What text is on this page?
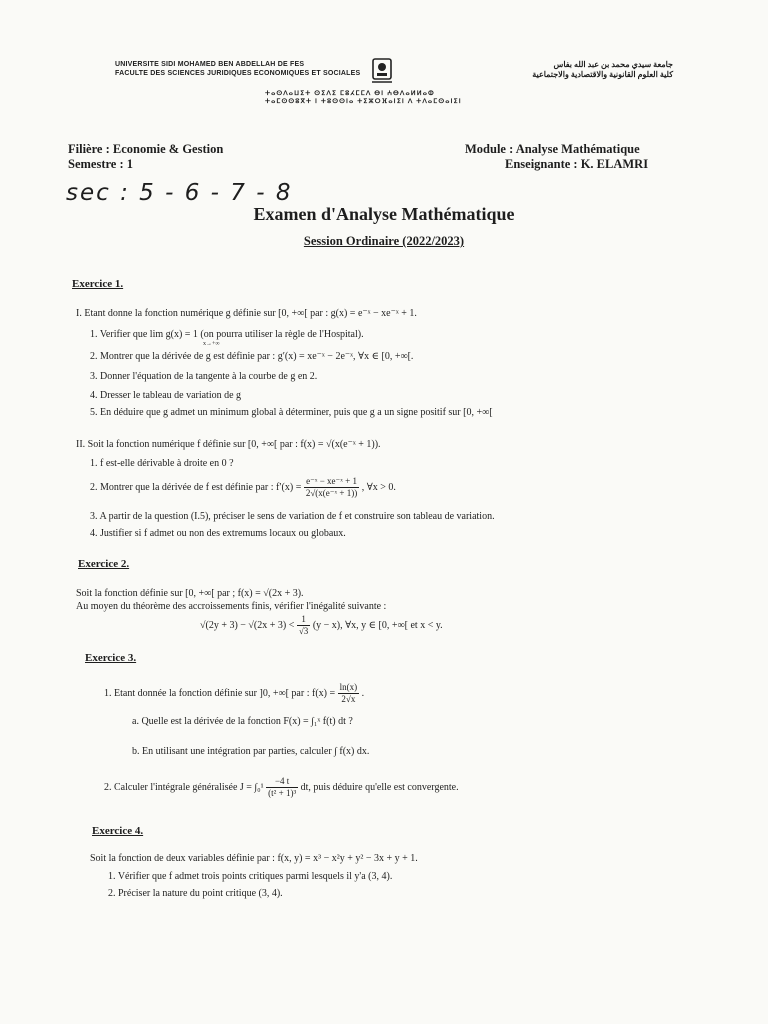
UNIVERSITE SIDI MOHAMED BEN ABDELLAH DE FES
FACULTE DES SCIENCES JURIDIQUES ECONOMIQUES ET SOCIALES
جامعة سيدي محمد بن عبد الله بفاس
كلية العلوم القانونية والاقتصادية والاجتماعية
ⵜⴰⵙⴷⴰⵡⵉⵜ ⵙⵉⴷⵉ ⵎⵓⵃⵎⵎⴷ ⴱⵏ ⵄⴱⴷⴰⵍⵍⴰⵀ
ⵜⴰⵎⵙⵙⵓⴳⵜ ⵏ ⵜⵓⵙⵙⵏⴰ ⵜⵉⵣⵔⴼⴰⵏⵉⵏ ⴷ ⵜⴷⴰⵎⵙⴰⵏⵉⵏ
Filière : Economie & Gestion
Semestre : 1
sec : 5 - 6 - 7 - 8
Module : Analyse Mathématique
Enseignante : K. ELAMRI
Examen d'Analyse Mathématique
Session Ordinaire (2022/2023)
Exercice 1.
I. Etant donne la fonction numérique g définie sur [0, +∞[ par : g(x) = e⁻ˣ − xe⁻ˣ + 1.
1. Verifier que lim g(x) = 1 (on pourra utiliser la règle de l'Hospital).
x→+∞
2. Montrer que la dérivée de g est définie par : g′(x) = xe⁻ˣ − 2e⁻ˣ, ∀x ∈ [0, +∞[.
3. Donner l'équation de la tangente à la courbe de g en 2.
4. Dresser le tableau de variation de g
5. En déduire que g admet un minimum global à déterminer, puis que g a un signe positif sur [0, +∞[
II. Soit la fonction numérique f définie sur [0, +∞[ par : f(x) = √(x(e⁻ˣ + 1)).
1. f est-elle dérivable à droite en 0 ?
2. Montrer que la dérivée de f est définie par : $f'(x) = \frac{\text{e⁻ˣ − xe⁻ˣ + 1}}{\text{2√(x(e⁻ˣ + 1))}}$ , ∀x > 0.
3. A partir de la question (I.5), préciser le sens de variation de f et construire son tableau de variation.
4. Justifier si f admet ou non des extremums locaux ou globaux.
Exercice 2.
Soit la fonction définie sur [0, +∞[ par ; f(x) = √(2x + 3).
Au moyen du théorème des accroissements finis, vérifier l'inégalité suivante :
$√(2y + 3) - √(2x + 3) < \frac{1}{√3} (y - x)$, ∀x, y ∈ [0, +∞[ et x < y.
Exercice 3.
1. Etant donnée la fonction définie sur ]0, +∞[ par : $f(x) = \frac{\ln(x)}{2√x}$ .
a. Quelle est la dérivée de la fonction F(x) = ∫₁ˣ f(t) dt ?
b. En utilisant une intégration par parties, calculer ∫ f(x) dx.
2. Calculer l'intégrale généralisée $J = \int_0^1 \frac{-4 t}{\text{(t² + 1)³}}$ dt, puis déduire qu'elle est convergente.
Exercice 4.
Soit la fonction de deux variables définie par : f(x, y) = x³ − x²y + y² − 3x + y + 1.
1. Vérifier que f admet trois points critiques parmi lesquels il y'a (3, 4).
2. Préciser la nature du point critique (3, 4).
